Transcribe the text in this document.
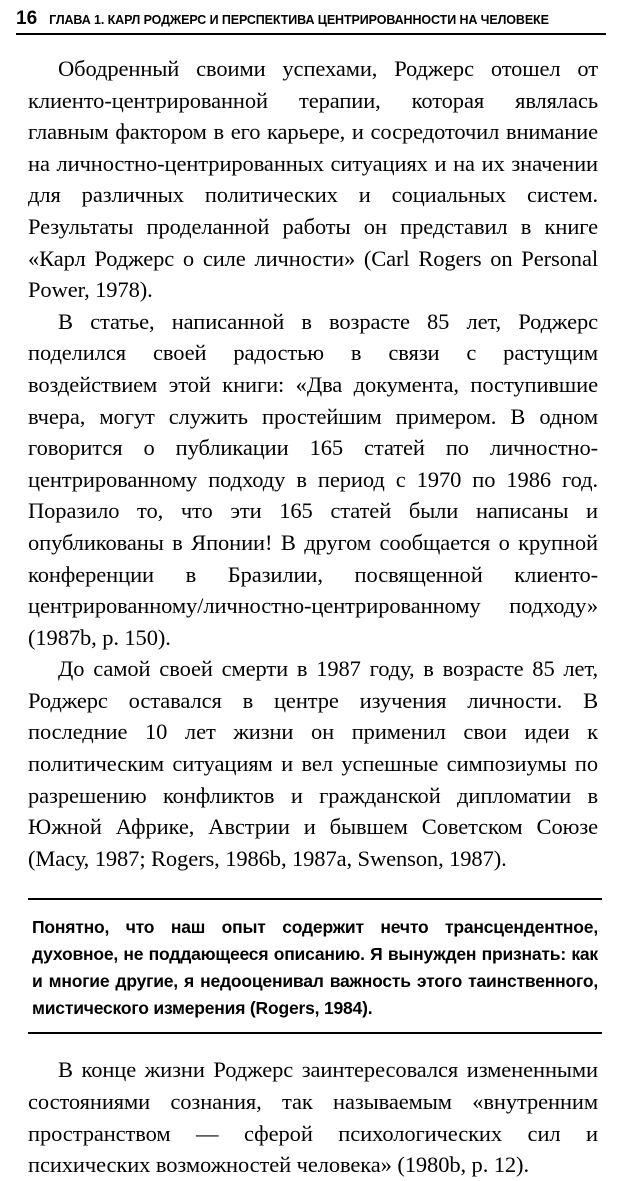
16 ГЛАВА 1. КАРЛ РОДЖЕРС И ПЕРСПЕКТИВА ЦЕНТРИРОВАННОСТИ НА ЧЕЛОВЕКЕ

Ободренный своими успехами, Роджерс отошел от клиенто-центрированной терапии, которая являлась главным фактором в его карьере, и сосредоточил внимание на личностно-центрированных ситуациях и на их значении для различных политических и социальных систем. Результаты проделанной работы он представил в книге «Карл Роджерс о силе личности» (Carl Rogers on Personal Power, 1978).

В статье, написанной в возрасте 85 лет, Роджерс поделился своей радостью в связи с растущим воздействием этой книги: «Два документа, поступившие вчера, могут служить простейшим примером. В одном говорится о публикации 165 статей по личностно-центрированному подходу в период с 1970 по 1986 год. Поразило то, что эти 165 статей были написаны и опубликованы в Японии! В другом сообщается о крупной конференции в Бразилии, посвященной клиенто-центрированному/личностно-центрированному подходу» (1987b, р. 150).

До самой своей смерти в 1987 году, в возрасте 85 лет, Роджерс оставался в центре изучения личности. В последние 10 лет жизни он применил свои идеи к политическим ситуациям и вел успешные симпозиумы по разрешению конфликтов и гражданской дипломатии в Южной Африке, Австрии и бывшем Советском Союзе (Масу, 1987; Rogers, 1986b, 1987a, Swenson, 1987).

Понятно, что наш опыт содержит нечто трансцендентное, духовное, не поддающееся описанию. Я вынужден признать: как и многие другие, я недооценивал важность этого таинственного, мистического измерения (Rogers, 1984).

В конце жизни Роджерс заинтересовался измененными состояниями сознания, так называемым «внутренним пространством — сферой психологических сил и психических возможностей человека» (1980b, р. 12).
